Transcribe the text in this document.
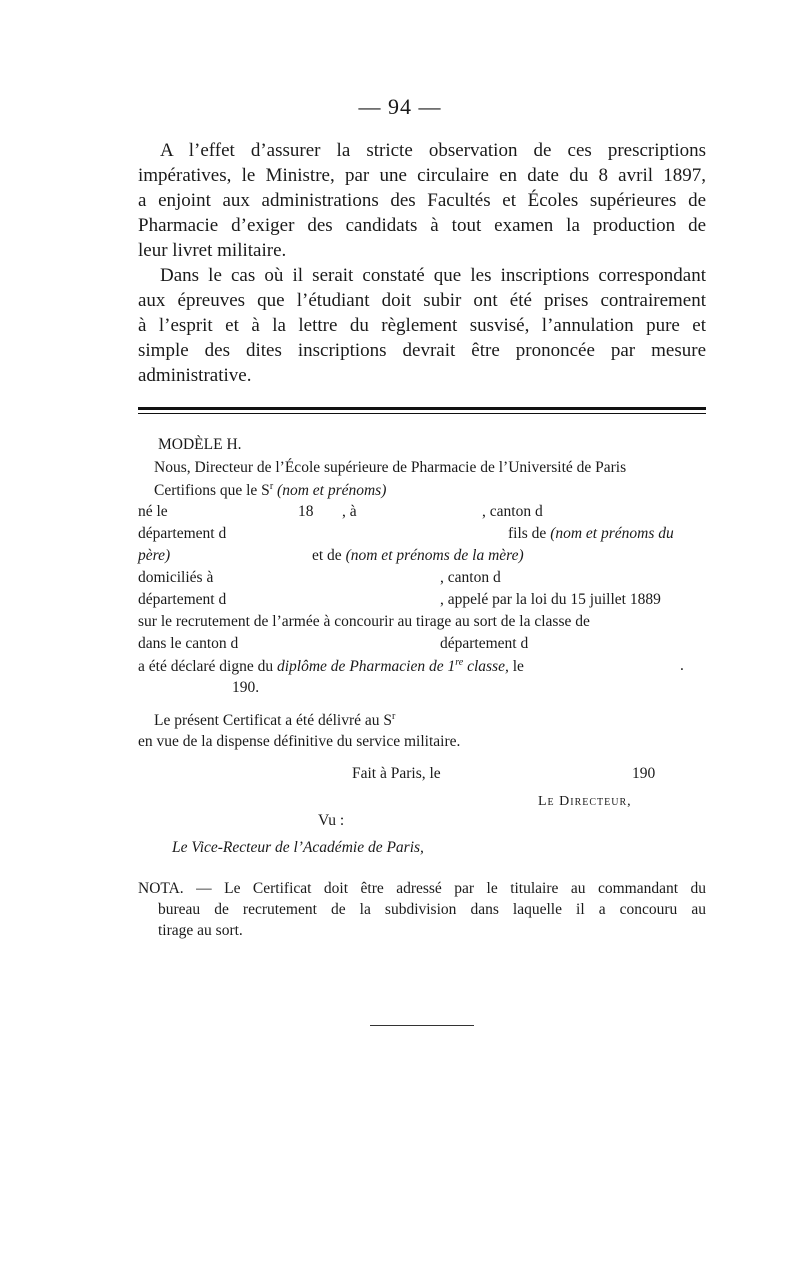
— 94 —
A l’effet d’assurer la stricte observation de ces prescriptions
impératives, le Ministre, par une circulaire en date du 8 avril 1897,
a enjoint aux administrations des Facultés et Écoles supérieures de
Pharmacie d’exiger des candidats à tout examen la production de
leur livret militaire.
Dans le cas où il serait constaté que les inscriptions correspondant
aux épreuves que l’étudiant doit subir ont été prises contrairement
à l’esprit et à la lettre du règlement susvisé, l’annulation pure et
simple des dites inscriptions devrait être prononcée par mesure
administrative.
MODÈLE H.
Nous, Directeur de l’École supérieure de Pharmacie de l’Université de Paris
Certifions que le $S^r$ (nom et prénoms)
né le	18 , à	, canton d
département d	fils de (nom et prénoms du
père)	et de (nom et prénoms de la mère)
domiciliés à	, canton d
département d	, appelé par la loi du 15 juillet 1889
sur le recrutement de l’armée à concourir au tirage au sort de la classe de
dans le canton d	département d
a été déclaré digne du diplôme de Pharmacien de 1re classe, le	.
190.
Le présent Certificat a été délivré au $S^r$
en vue de la dispense définitive du service militaire.
Fait à Paris, le	190
Le Directeur,
Vu :
Le Vice-Recteur de l’Académie de Paris,
NOTA. — Le Certificat doit être adressé par le titulaire au commandant du
bureau de recrutement de la subdivision dans laquelle il a concouru au
tirage au sort.
